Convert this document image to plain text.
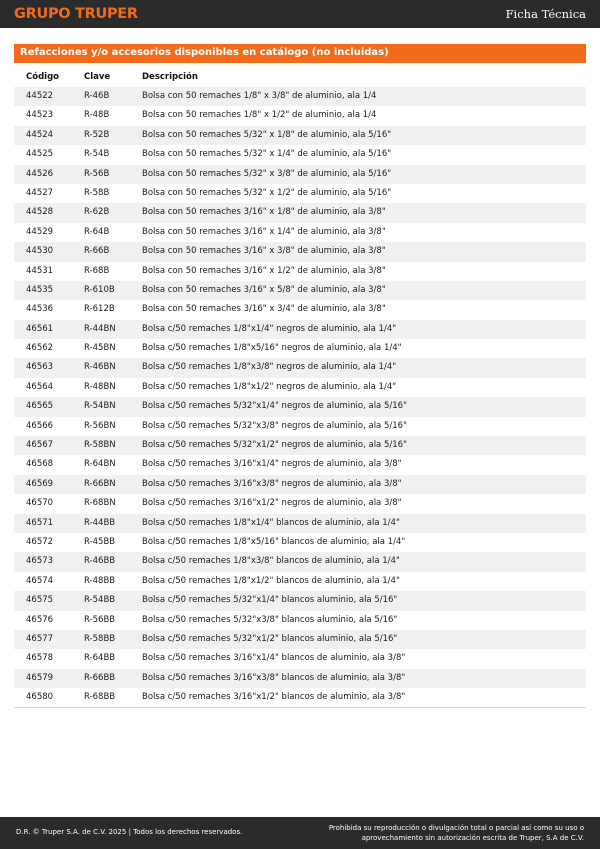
GRUPO TRUPER	Ficha Técnica
Refacciones y/o accesorios disponibles en catálogo (no incluidas)
Código	Clave	Descripción
44522	R-46B	Bolsa con 50 remaches 1/8" x 3/8" de aluminio, ala 1/4
44523	R-48B	Bolsa con 50 remaches 1/8" x 1/2" de aluminio, ala 1/4
44524	R-52B	Bolsa con 50 remaches 5/32" x 1/8" de aluminio, ala 5/16"
44525	R-54B	Bolsa con 50 remaches 5/32" x 1/4" de aluminio, ala 5/16"
44526	R-56B	Bolsa con 50 remaches 5/32" x 3/8" de aluminio, ala 5/16"
44527	R-58B	Bolsa con 50 remaches 5/32" x 1/2" de aluminio, ala 5/16"
44528	R-62B	Bolsa con 50 remaches 3/16" x 1/8" de aluminio, ala 3/8"
44529	R-64B	Bolsa con 50 remaches 3/16" x 1/4" de aluminio, ala 3/8"
44530	R-66B	Bolsa con 50 remaches 3/16" x 3/8" de aluminio, ala 3/8"
44531	R-68B	Bolsa con 50 remaches 3/16" x 1/2" de aluminio, ala 3/8"
44535	R-610B	Bolsa con 50 remaches 3/16" x 5/8" de aluminio, ala 3/8"
44536	R-612B	Bolsa con 50 remaches 3/16" x 3/4" de aluminio, ala 3/8"
46561	R-44BN	Bolsa c/50 remaches 1/8"x1/4" negros de aluminio, ala 1/4"
46562	R-45BN	Bolsa c/50 remaches 1/8"x5/16" negros de aluminio, ala 1/4"
46563	R-46BN	Bolsa c/50 remaches 1/8"x3/8" negros de aluminio, ala 1/4"
46564	R-48BN	Bolsa c/50 remaches 1/8"x1/2" negros de aluminio, ala 1/4"
46565	R-54BN	Bolsa c/50 remaches 5/32"x1/4" negros de aluminio, ala 5/16"
46566	R-56BN	Bolsa c/50 remaches 5/32"x3/8" negros de aluminio, ala 5/16"
46567	R-58BN	Bolsa c/50 remaches 5/32"x1/2" negros de aluminio, ala 5/16"
46568	R-64BN	Bolsa c/50 remaches 3/16"x1/4" negros de aluminio, ala 3/8"
46569	R-66BN	Bolsa c/50 remaches 3/16"x3/8" negros de aluminio, ala 3/8"
46570	R-68BN	Bolsa c/50 remaches 3/16"x1/2" negros de aluminio, ala 3/8"
46571	R-44BB	Bolsa c/50 remaches 1/8"x1/4" blancos de aluminio, ala 1/4"
46572	R-45BB	Bolsa c/50 remaches 1/8"x5/16" blancos de aluminio, ala 1/4"
46573	R-46BB	Bolsa c/50 remaches 1/8"x3/8" blancos de aluminio, ala 1/4"
46574	R-48BB	Bolsa c/50 remaches 1/8"x1/2" blancos de aluminio, ala 1/4"
46575	R-54BB	Bolsa c/50 remaches 5/32"x1/4" blancos aluminio, ala 5/16"
46576	R-56BB	Bolsa c/50 remaches 5/32"x3/8" blancos aluminio, ala 5/16"
46577	R-58BB	Bolsa c/50 remaches 5/32"x1/2" blancos aluminio, ala 5/16"
46578	R-64BB	Bolsa c/50 remaches 3/16"x1/4" blancos de aluminio, ala 3/8"
46579	R-66BB	Bolsa c/50 remaches 3/16"x3/8" blancos de aluminio, ala 3/8"
46580	R-68BB	Bolsa c/50 remaches 3/16"x1/2" blancos de aluminio, ala 3/8"
D.R. © Truper S.A. de C.V. 2025 | Todos los derechos reservados.	Prohibida su reproducción o divulgación total o parcial así como su uso o
aprovechamiento sin autorización escrita de Truper, S.A de C.V.
